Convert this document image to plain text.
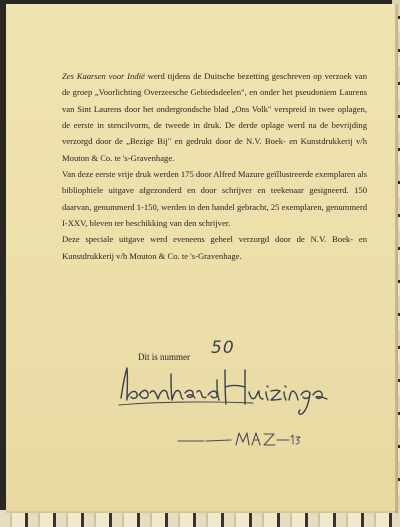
Zes Kaarsen voor Indië werd tijdens de Duitsche bezetting geschreven op verzoek van de groep „Voorlichting Overzeesche Gebiedsdeelen", en onder het pseudoniem Laurens van Sint Laurens door het ondergrondsche blad „Ons Volk" verspreid in twee oplagen, de eerste in stencilvorm, de tweede in druk. De derde oplage werd na de bevrijding verzorgd door de „Bezige Bij" en gedrukt door de N.V. Boek- en Kunstdrukkerij v/h Mouton & Co. te 's-Gravenhage.

Van deze eerste vrije druk werden 175 door Alfred Mazure geïllustreerde exemplaren als bibliophiele uitgave afgezonderd en door schrijver en teekenaar gesigneerd. 150 daarvan, genummerd 1-150, werden in den handel gebracht, 25 exemplaren, genummerd I-XXV, bleven ter beschikking van den schrijver.

Deze speciale uitgave werd eveneens geheel verzorgd door de N.V. Boek- en Kunstdrukkerij v/h Mouton & Co. te 's-Gravenhage.

Dit is nummer 50
